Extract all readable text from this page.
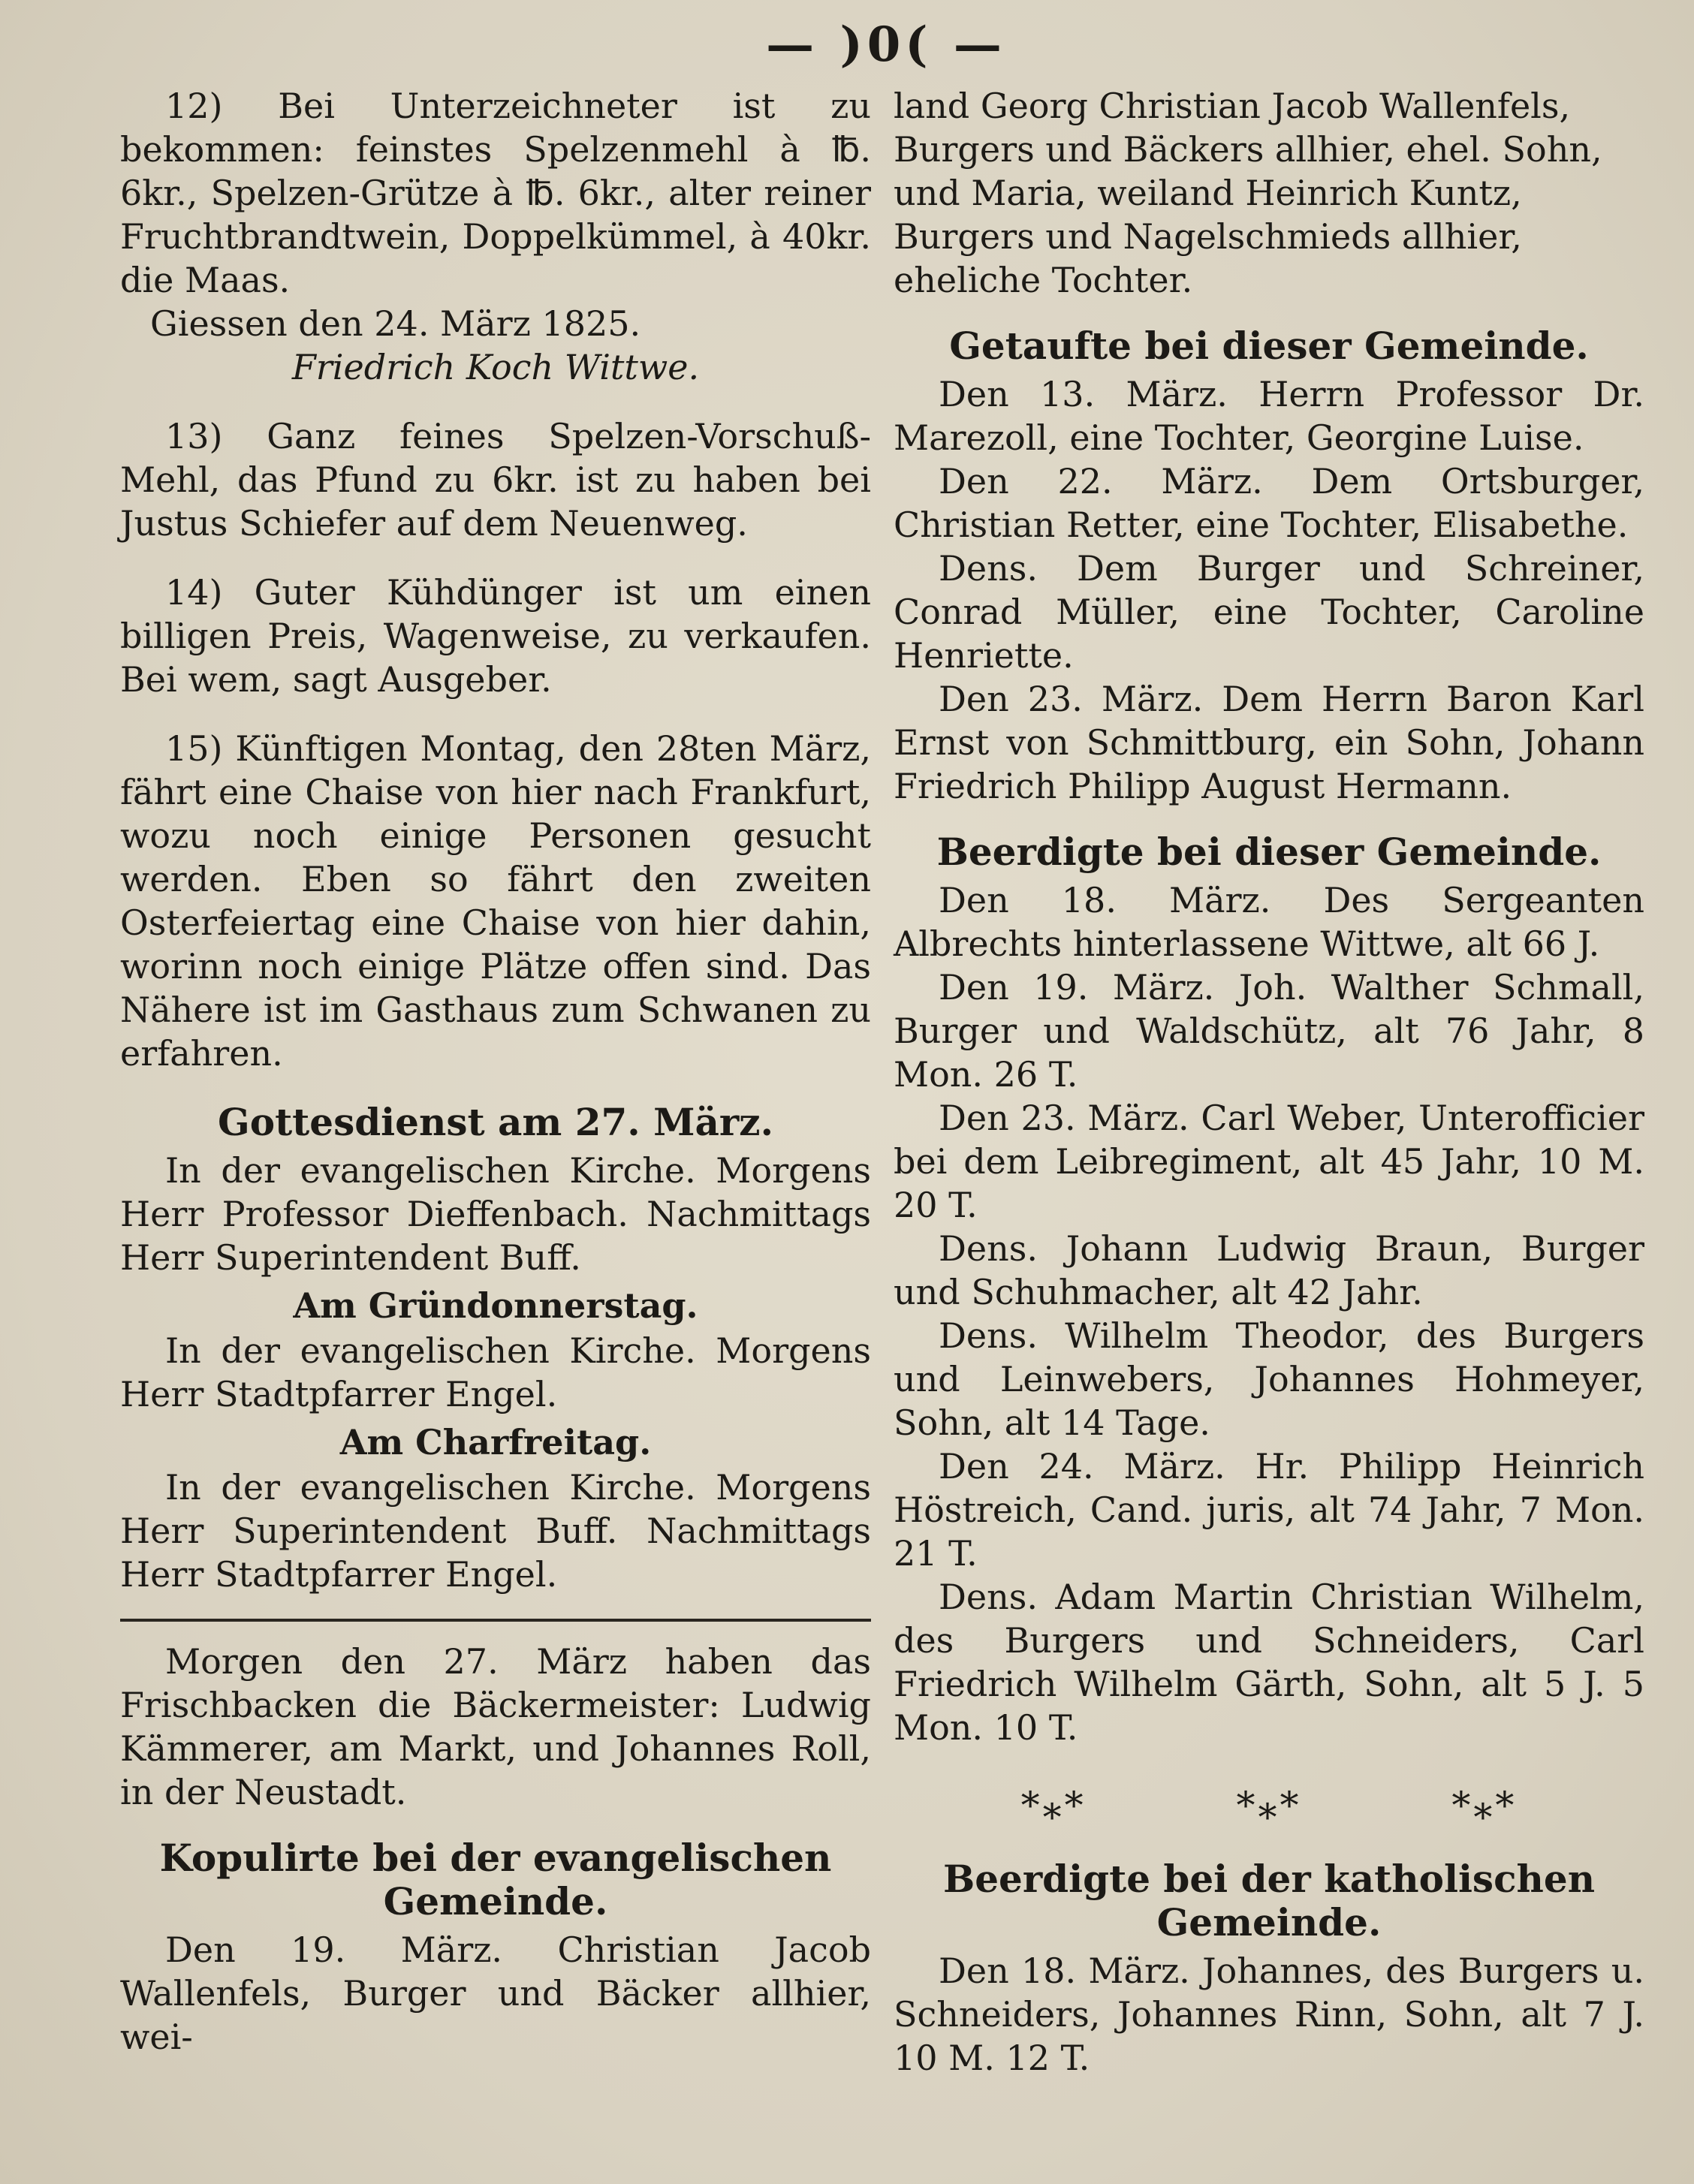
— )0( —

12) Bei Unterzeichneter ist zu bekommen: feinstes Spelzenmehl à ℔. 6kr., Spelzen-Grütze à ℔. 6kr., alter reiner Fruchtbrandtwein, Doppelkümmel, à 40kr. die Maas.

Giessen den 24. März 1825.

Friedrich Koch Wittwe.

13) Ganz feines Spelzen-Vorschuß-Mehl, das Pfund zu 6kr. ist zu haben bei Justus Schiefer auf dem Neuenweg.

14) Guter Kühdünger ist um einen billigen Preis, Wagenweise, zu verkaufen. Bei wem, sagt Ausgeber.

15) Künftigen Montag, den 28ten März, fährt eine Chaise von hier nach Frankfurt, wozu noch einige Personen gesucht werden. Eben so fährt den zweiten Osterfeiertag eine Chaise von hier dahin, worinn noch einige Plätze offen sind. Das Nähere ist im Gasthaus zum Schwanen zu erfahren.

Gottesdienst am 27. März.

In der evangelischen Kirche. Morgens Herr Professor Dieffenbach. Nachmittags Herr Superintendent Buff.

Am Gründonnerstag.

In der evangelischen Kirche. Morgens Herr Stadtpfarrer Engel.

Am Charfreitag.

In der evangelischen Kirche. Morgens Herr Superintendent Buff. Nachmittags Herr Stadtpfarrer Engel.

Morgen den 27. März haben das Frischbacken die Bäckermeister: Ludwig Kämmerer, am Markt, und Johannes Roll, in der Neustadt.

Kopulirte bei der evangelischen Gemeinde.

Den 19. März. Christian Jacob Wallenfels, Burger und Bäcker allhier, wei-

land Georg Christian Jacob Wallenfels, Burgers und Bäckers allhier, ehel. Sohn, und Maria, weiland Heinrich Kuntz, Burgers und Nagelschmieds allhier, eheliche Tochter.

Getaufte bei dieser Gemeinde.

Den 13. März. Herrn Professor Dr. Marezoll, eine Tochter, Georgine Luise.

Den 22. März. Dem Ortsburger, Christian Retter, eine Tochter, Elisabethe.

Dens. Dem Burger und Schreiner, Conrad Müller, eine Tochter, Caroline Henriette.

Den 23. März. Dem Herrn Baron Karl Ernst von Schmittburg, ein Sohn, Johann Friedrich Philipp August Hermann.

Beerdigte bei dieser Gemeinde.

Den 18. März. Des Sergeanten Albrechts hinterlassene Wittwe, alt 66 J.

Den 19. März. Joh. Walther Schmall, Burger und Waldschütz, alt 76 Jahr, 8 Mon. 26 T.

Den 23. März. Carl Weber, Unterofficier bei dem Leibregiment, alt 45 Jahr, 10 M. 20 T.

Dens. Johann Ludwig Braun, Burger und Schuhmacher, alt 42 Jahr.

Dens. Wilhelm Theodor, des Burgers und Leinwebers, Johannes Hohmeyer, Sohn, alt 14 Tage.

Den 24. März. Hr. Philipp Heinrich Höstreich, Cand. juris, alt 74 Jahr, 7 Mon. 21 T.

Dens. Adam Martin Christian Wilhelm, des Burgers und Schneiders, Carl Friedrich Wilhelm Gärth, Sohn, alt 5 J. 5 Mon. 10 T.

*⁎*	*⁎*	*⁎*
Beerdigte bei der katholischen Gemeinde.

Den 18. März. Johannes, des Burgers u. Schneiders, Johannes Rinn, Sohn, alt 7 J. 10 M. 12 T.
